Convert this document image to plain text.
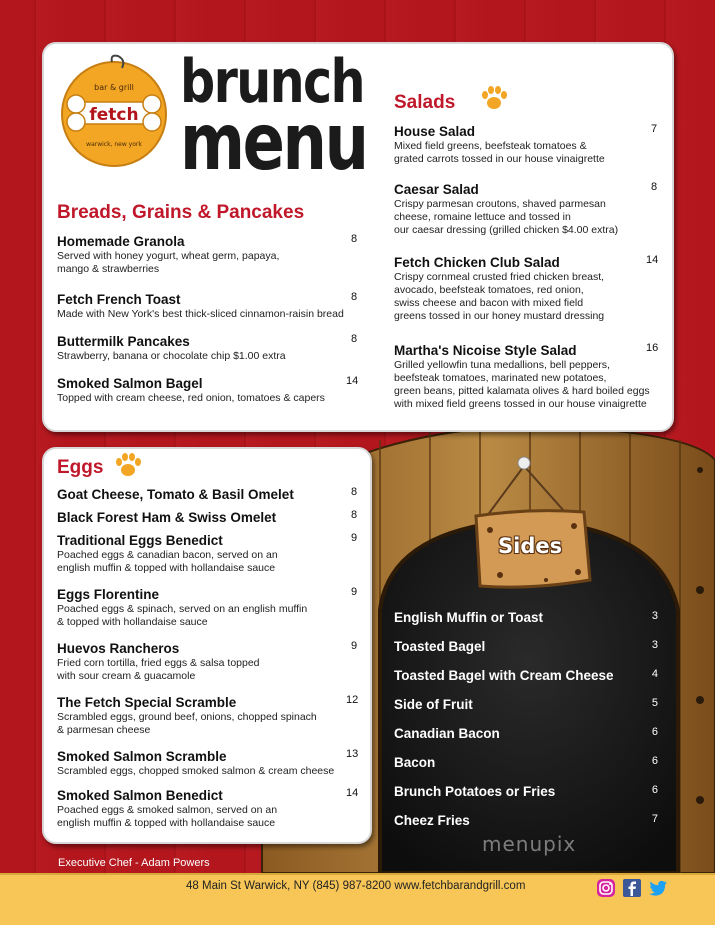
fetch
bar & grill
warwick, new york
brunch
menu
Breads, Grains & Pancakes
Homemade Granola
Served with honey yogurt, wheat germ, papaya,
mango & strawberries
8
Fetch French Toast
Made with New York's best thick-sliced cinnamon-raisin bread
8
Buttermilk Pancakes
Strawberry, banana or chocolate chip $1.00 extra
8
Smoked Salmon Bagel
Topped with cream cheese, red onion, tomatoes & capers
14
Salads
House Salad
Mixed field greens, beefsteak tomatoes &
grated carrots tossed in our house vinaigrette
7
Caesar Salad
Crispy parmesan croutons, shaved parmesan
cheese, romaine lettuce and tossed in
our caesar dressing (grilled chicken $4.00 extra)
8
Fetch Chicken Club Salad
Crispy cornmeal crusted fried chicken breast,
avocado, beefsteak tomatoes, red onion,
swiss cheese and bacon with mixed field
greens tossed in our honey mustard dressing
14
Martha's Nicoise Style Salad
Grilled yellowfin tuna medallions, bell peppers,
beefsteak tomatoes, marinated new potatoes,
green beans, pitted kalamata olives & hard boiled eggs
with mixed field greens tossed in our house vinaigrette
16
Eggs
Goat Cheese, Tomato & Basil Omelet	8
Black Forest Ham & Swiss Omelet	8
Traditional Eggs Benedict
Poached eggs & canadian bacon, served on an
english muffin & topped with hollandaise sauce
9
Eggs Florentine
Poached eggs & spinach, served on an english muffin
& topped with hollandaise sauce
9
Huevos Rancheros
Fried corn tortilla, fried eggs & salsa topped
with sour cream & guacamole
9
The Fetch Special Scramble
Scrambled eggs, ground beef, onions, chopped spinach
& parmesan cheese
12
Smoked Salmon Scramble
Scrambled eggs, chopped smoked salmon & cream cheese
13
Smoked Salmon Benedict
Poached eggs & smoked salmon, served on an
english muffin & topped with hollandaise sauce
14
Sides
English Muffin or Toast	3
Toasted Bagel	3
Toasted Bagel with Cream Cheese	4
Side of Fruit	5
Canadian Bacon	6
Bacon	6
Brunch Potatoes or Fries	6
Cheez Fries	7
menupix
Executive Chef - Adam Powers
48 Main St Warwick, NY (845) 987-8200 www.fetchbarandgrill.com
